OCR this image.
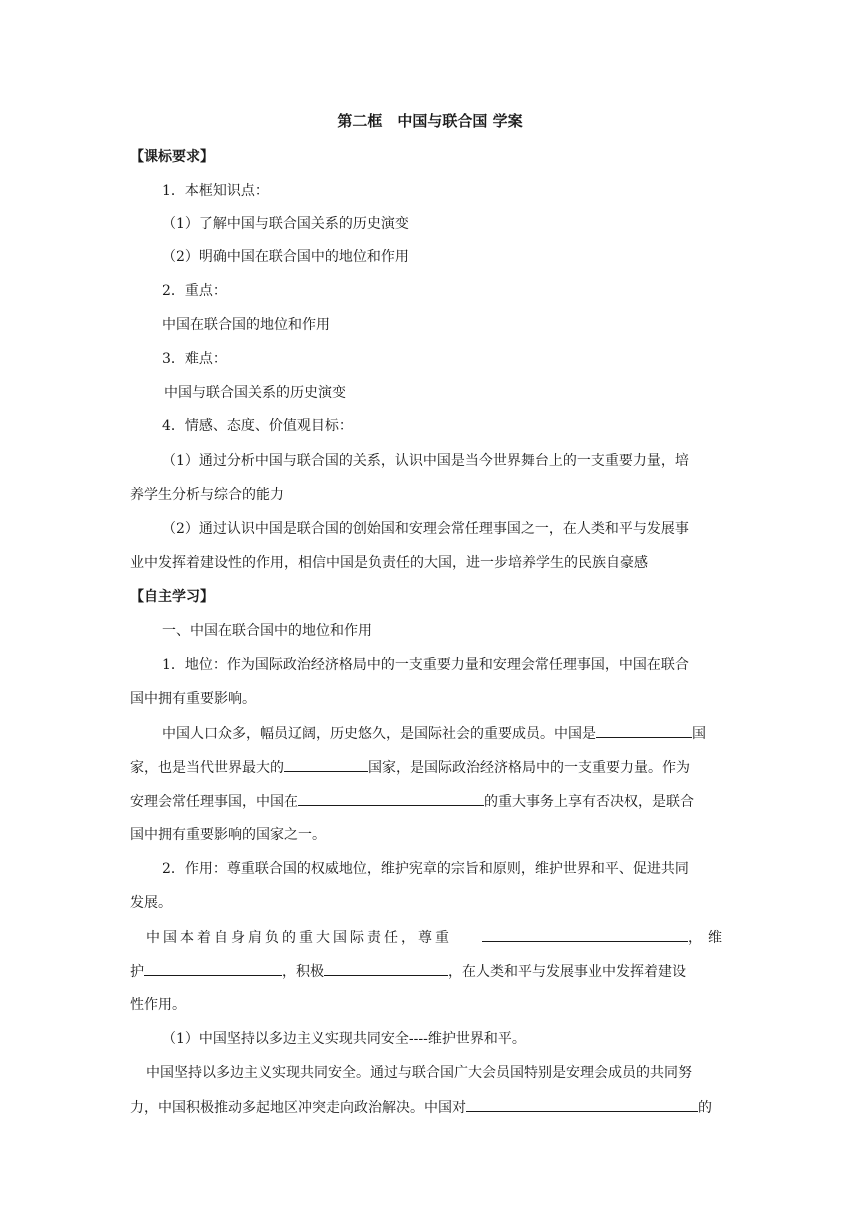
第二框　中国与联合国 学案
【课标要求】
1．本框知识点：
（1）了解中国与联合国关系的历史演变
（2）明确中国在联合国中的地位和作用
2．重点：
中国在联合国的地位和作用
3．难点：
中国与联合国关系的历史演变
4．情感、态度、价值观目标：
（1）通过分析中国与联合国的关系，认识中国是当今世界舞台上的一支重要力量，培
养学生分析与综合的能力
（2）通过认识中国是联合国的创始国和安理会常任理事国之一，在人类和平与发展事
业中发挥着建设性的作用，相信中国是负责任的大国，进一步培养学生的民族自豪感
【自主学习】
一、中国在联合国中的地位和作用
1．地位：作为国际政治经济格局中的一支重要力量和安理会常任理事国，中国在联合
国中拥有重要影响。
中国人口众多，幅员辽阔，历史悠久，是国际社会的重要成员。中国是	国
家，也是当代世界最大的	国家，是国际政治经济格局中的一支重要力量。作为
安理会常任理事国，中国在	的重大事务上享有否决权，是联合
国中拥有重要影响的国家之一。
2．作用：尊重联合国的权威地位，维护宪章的宗旨和原则，维护世界和平、促进共同
发展。
中国本着自身肩负的重大国际责任，尊重	，维
护	，积极	，在人类和平与发展事业中发挥着建设
性作用。
（1）中国坚持以多边主义实现共同安全----维护世界和平。
中国坚持以多边主义实现共同安全。通过与联合国广大会员国特别是安理会成员的共同努
力，中国积极推动多起地区冲突走向政治解决。中国对	的
